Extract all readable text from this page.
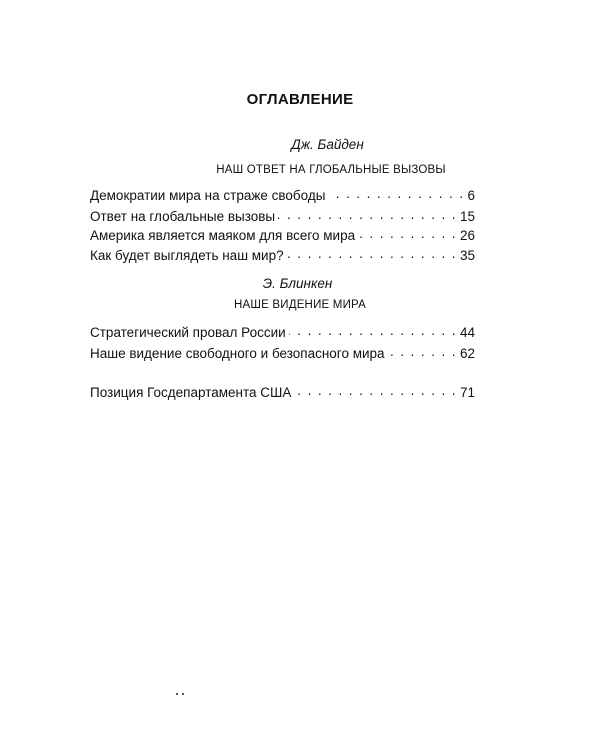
ОГЛАВЛЕНИЕ
Дж. Байден
НАШ ОТВЕТ НА ГЛОБАЛЬНЫЕ ВЫЗОВЫ
Демократии мира на страже свободы . . .	6
Ответ на глобальные вызовы . . .	15
Америка является маяком для всего мира . . .	26
Как будет выглядеть наш мир? . . .	35
Э. Блинкен
НАШЕ ВИДЕНИЕ МИРА
Стратегический провал России . . .	44
Наше видение свободного и безопасного мира . . .	62
Позиция Госдепартамента США . . .	71
